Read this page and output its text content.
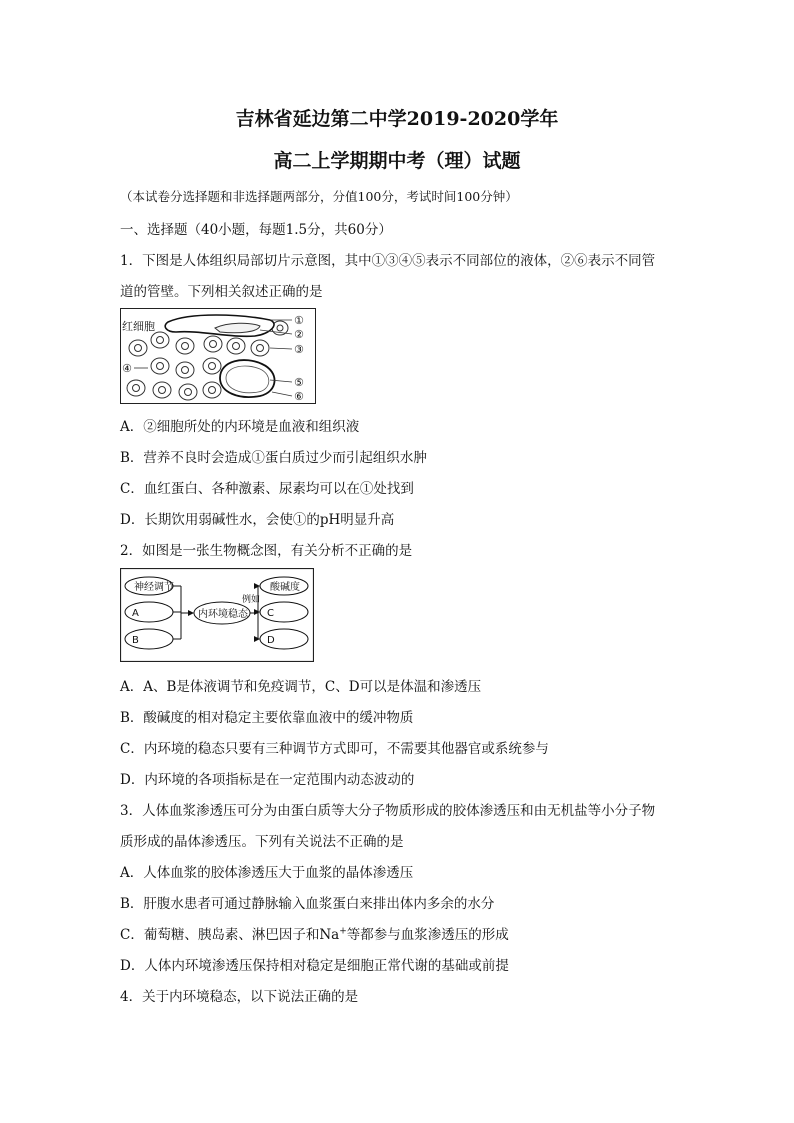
吉林省延边第二中学2019-2020学年
高二上学期期中考（理）试题
（本试卷分选择题和非选择题两部分，分值100分，考试时间100分钟）
一、选择题（40小题，每题1.5分，共60分）
1．下图是人体组织局部切片示意图，其中①③④⑤表示不同部位的液体，②⑥表示不同管
道的管壁。下列相关叙述正确的是
红细胞	①
②
③
④
⑤
⑥
A．②细胞所处的内环境是血液和组织液
B．营养不良时会造成①蛋白质过少而引起组织水肿
C．血红蛋白、各种激素、尿素均可以在①处找到
D．长期饮用弱碱性水，会使①的pH明显升高
2．如图是一张生物概念图，有关分析不正确的是
神经调节
A
B
内环境稳态
例如
酸碱度
C
D
A．A、B是体液调节和免疫调节，C、D可以是体温和渗透压
B．酸碱度的相对稳定主要依靠血液中的缓冲物质
C．内环境的稳态只要有三种调节方式即可，不需要其他器官或系统参与
D．内环境的各项指标是在一定范围内动态波动的
3．人体血浆渗透压可分为由蛋白质等大分子物质形成的胶体渗透压和由无机盐等小分子物
质形成的晶体渗透压。下列有关说法不正确的是
A．人体血浆的胶体渗透压大于血浆的晶体渗透压
B．肝腹水患者可通过静脉输入血浆蛋白来排出体内多余的水分
C．葡萄糖、胰岛素、淋巴因子和Na+等都参与血浆渗透压的形成
D．人体内环境渗透压保持相对稳定是细胞正常代谢的基础或前提
4．关于内环境稳态，以下说法正确的是
